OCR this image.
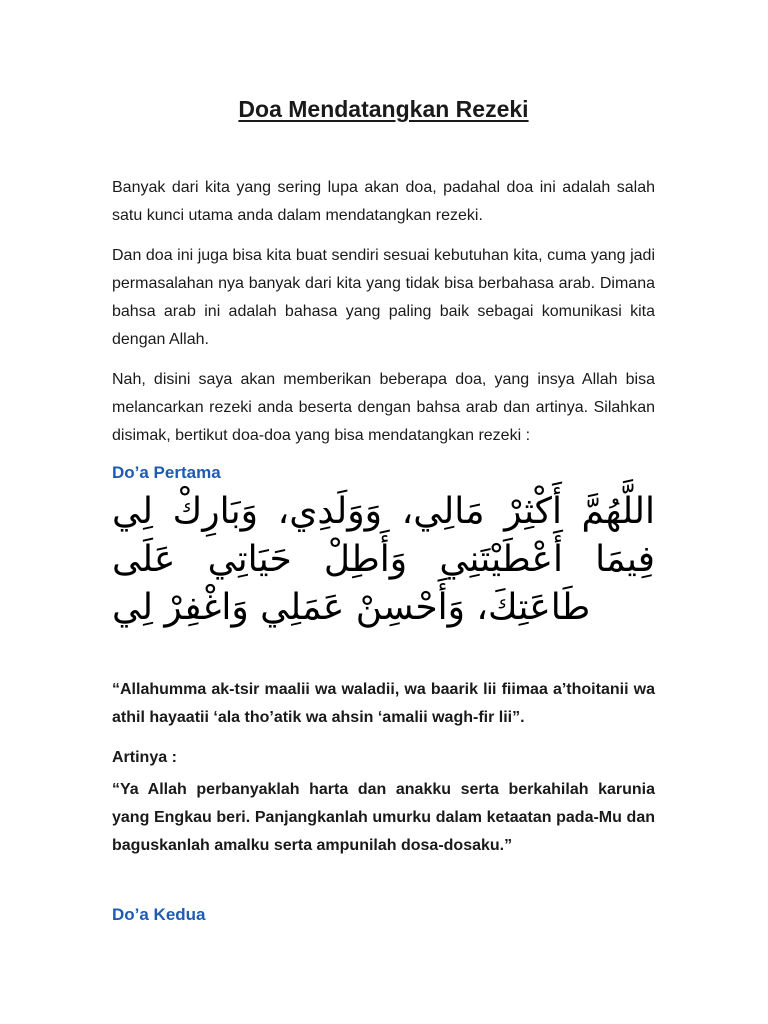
Doa Mendatangkan Rezeki

Banyak dari kita yang sering lupa akan doa, padahal doa ini adalah salah satu kunci utama anda dalam mendatangkan rezeki.

Dan doa ini juga bisa kita buat sendiri sesuai kebutuhan kita, cuma yang jadi permasalahan nya banyak dari kita yang tidak bisa berbahasa arab. Dimana bahsa arab ini adalah bahasa yang paling baik sebagai komunikasi kita dengan Allah.

Nah, disini saya akan memberikan beberapa doa, yang insya Allah bisa melancarkan rezeki anda beserta dengan bahsa arab dan artinya. Silahkan disimak, bertikut doa-doa yang bisa mendatangkan rezeki :

Do’a Pertama

اللَّهُمَّ أَكْثِرْ مَالِي، وَوَلَدِي، وَبَارِكْ لِي فِيمَا أَعْطَيْتَنِي وَأَطِلْ حَيَاتِي عَلَى طَاعَتِكَ، وَأَحْسِنْ عَمَلِي وَاغْفِرْ لِي

“Allahumma ak-tsir maalii wa waladii, wa baarik lii fiimaa a’thoitanii wa athil hayaatii ‘ala tho’atik wa ahsin ‘amalii wagh-fir lii”.

Artinya :

“Ya Allah perbanyaklah harta dan anakku serta berkahilah karunia yang Engkau beri. Panjangkanlah umurku dalam ketaatan pada-Mu dan baguskanlah amalku serta ampunilah dosa-dosaku.”

Do’a Kedua
